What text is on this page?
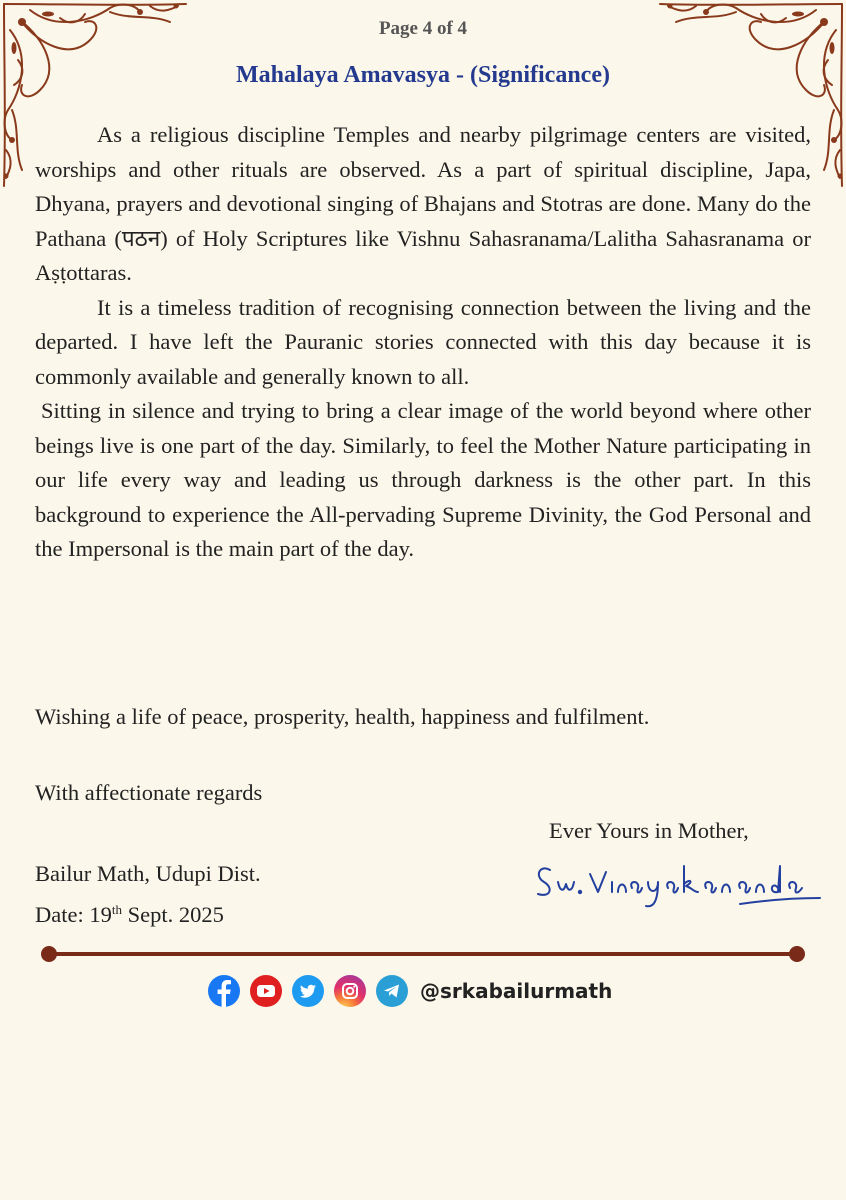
Page 4 of 4
Mahalaya Amavasya - (Significance)

As a religious discipline Temples and nearby pilgrimage centers are visited, worships and other rituals are observed. As a part of spiritual discipline, Japa, Dhyana, prayers and devotional singing of Bhajans and Stotras are done. Many do the Pathana (पठन) of Holy Scriptures like Vishnu Sahasranama/Lalitha Sahasranama or Aṣṭottaras.

It is a timeless tradition of recognising connection between the living and the departed. I have left the Pauranic stories connected with this day because it is commonly available and generally known to all.

Sitting in silence and trying to bring a clear image of the world beyond where other beings live is one part of the day. Similarly, to feel the Mother Nature participating in our life every way and leading us through darkness is the other part. In this background to experience the All-pervading Supreme Divinity, the God Personal and the Impersonal is the main part of the day.

Wishing a life of peace, prosperity, health, happiness and fulfilment.
With affectionate regards
Ever Yours in Mother,
Bailur Math, Udupi Dist.
Date: 19th Sept. 2025
@srkabailurmath
